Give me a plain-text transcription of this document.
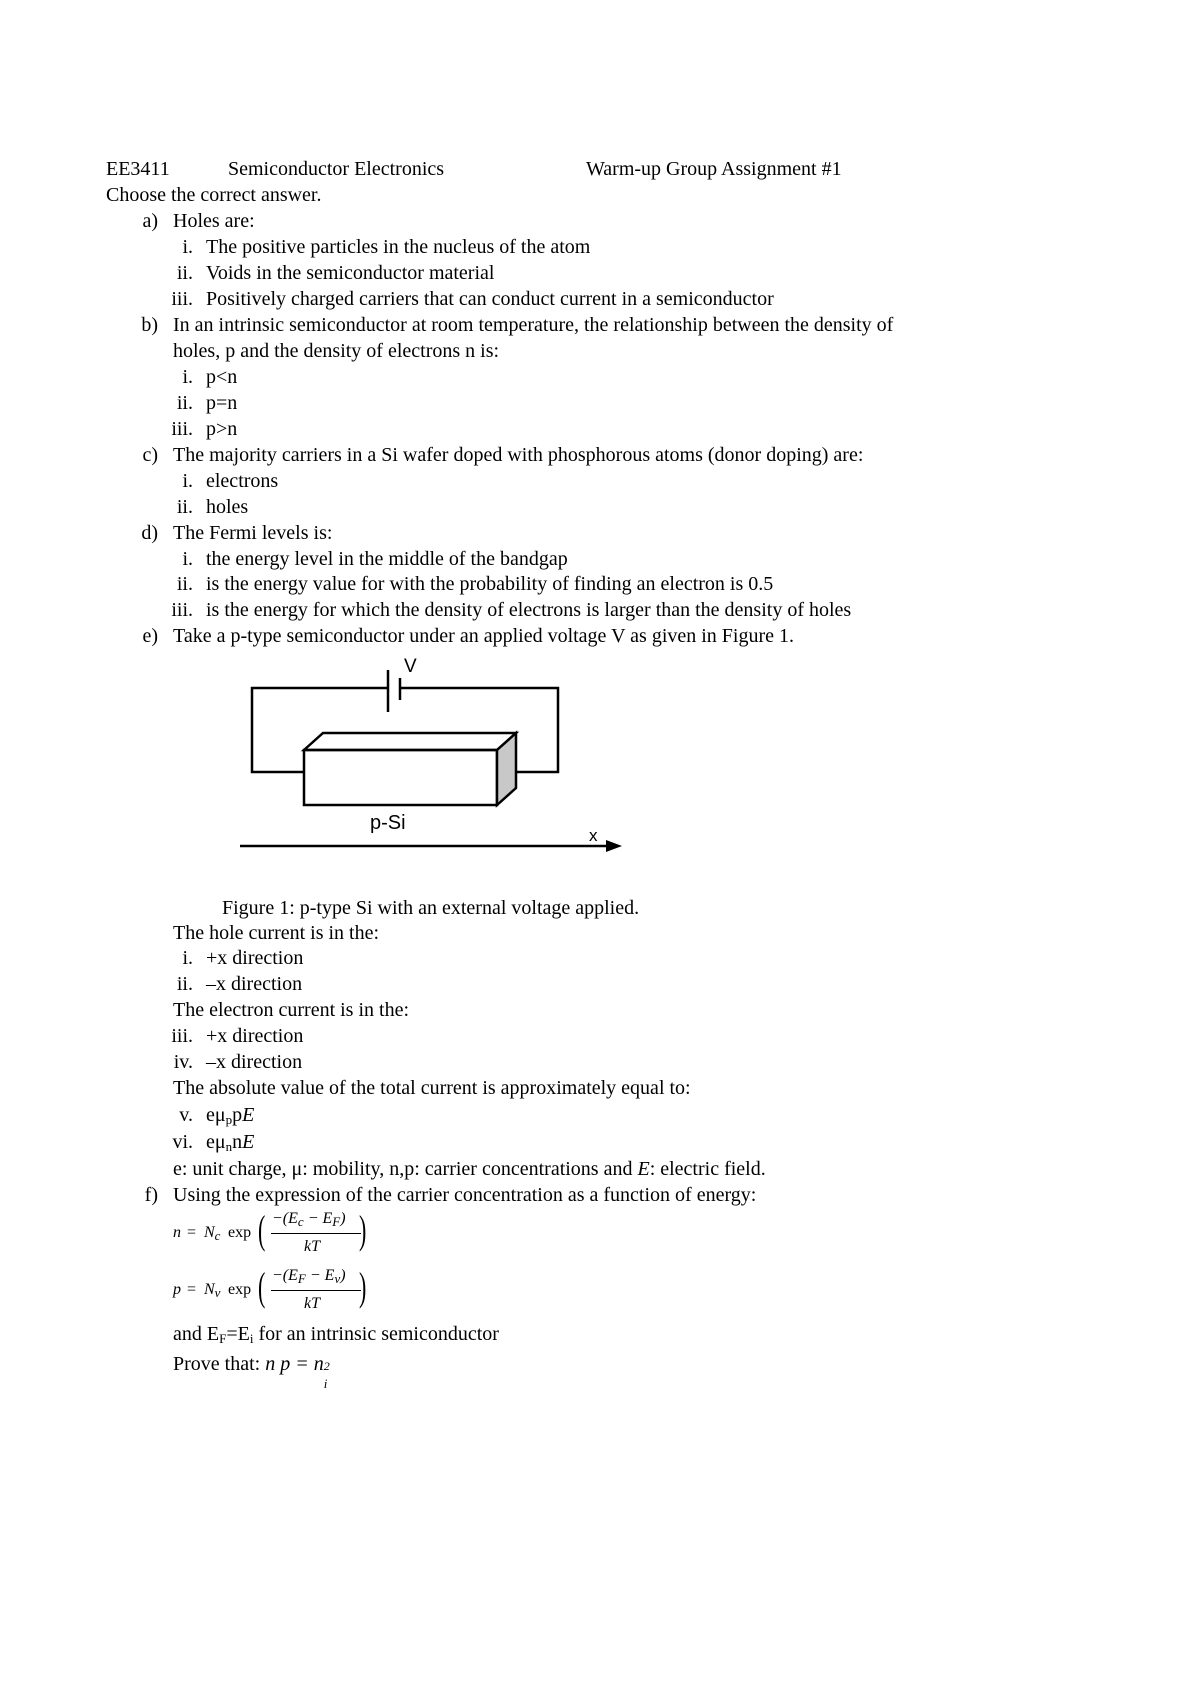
EE3411	Semiconductor Electronics	Warm-up Group Assignment #1
Choose the correct answer.
a) Holes are:
i. The positive particles in the nucleus of the atom
ii. Voids in the semiconductor material
iii. Positively charged carriers that can conduct current in a semiconductor
b) In an intrinsic semiconductor at room temperature, the relationship between the density of
holes, p and the density of electrons n is:
i. p<n
ii. p=n
iii. p>n
c) The majority carriers in a Si wafer doped with phosphorous atoms (donor doping) are:
i. electrons
ii. holes
d) The Fermi levels is:
i. the energy level in the middle of the bandgap
ii. is the energy value for with the probability of finding an electron is 0.5
iii. is the energy for which the density of electrons is larger than the density of holes
e) Take a p-type semiconductor under an applied voltage V as given in Figure 1.
V
p-Si
x
Figure 1: p-type Si with an external voltage applied.
The hole current is in the:
i. +x direction
ii. –x direction
The electron current is in the:
iii. +x direction
iv. –x direction
The absolute value of the total current is approximately equal to:
v. $e\mu_ppE$
vi. $e\mu_nnE$
e: unit charge, μ: mobility, n,p: carrier concentrations and E: electric field.
f) Using the expression of the carrier concentration as a function of energy:
$n = N_c$ exp ( $-(E_c - E_F)$
kT )
$p = N_v$ exp ( $-(E_F - E_v)$
kT )
and $E_F=E_i$ for an intrinsic semiconductor
Prove that: n p = n 2
i
